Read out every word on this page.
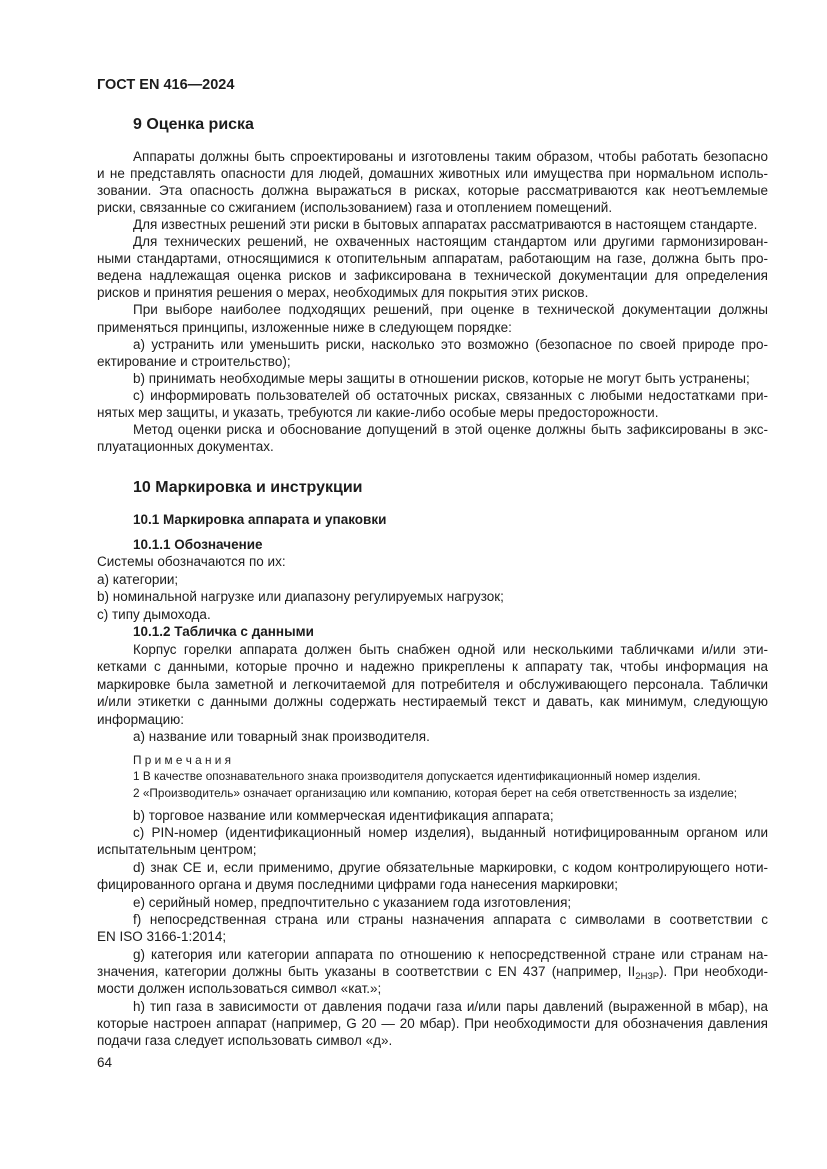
ГОСТ EN 416—2024
9 Оценка риска
Аппараты должны быть спроектированы и изготовлены таким образом, чтобы работать безопасно
и не представлять опасности для людей, домашних животных или имущества при нормальном исполь-
зовании. Эта опасность должна выражаться в рисках, которые рассматриваются как неотъемлемые
риски, связанные со сжиганием (использованием) газа и отоплением помещений.
Для известных решений эти риски в бытовых аппаратах рассматриваются в настоящем стандарте.
Для технических решений, не охваченных настоящим стандартом или другими гармонизирован-
ными стандартами, относящимися к отопительным аппаратам, работающим на газе, должна быть про-
ведена надлежащая оценка рисков и зафиксирована в технической документации для определения
рисков и принятия решения о мерах, необходимых для покрытия этих рисков.
При выборе наиболее подходящих решений, при оценке в технической документации должны
применяться принципы, изложенные ниже в следующем порядке:
a) устранить или уменьшить риски, насколько это возможно (безопасное по своей природе про-
ектирование и строительство);
b) принимать необходимые меры защиты в отношении рисков, которые не могут быть устранены;
c) информировать пользователей об остаточных рисках, связанных с любыми недостатками при-
нятых мер защиты, и указать, требуются ли какие-либо особые меры предосторожности.
Метод оценки риска и обоснование допущений в этой оценке должны быть зафиксированы в экс-
плуатационных документах.
10 Маркировка и инструкции
10.1 Маркировка аппарата и упаковки
10.1.1 Обозначение
Системы обозначаются по их:
a) категории;
b) номинальной нагрузке или диапазону регулируемых нагрузок;
c) типу дымохода.
10.1.2 Табличка с данными
Корпус горелки аппарата должен быть снабжен одной или несколькими табличками и/или эти-
кетками с данными, которые прочно и надежно прикреплены к аппарату так, чтобы информация на
маркировке была заметной и легкочитаемой для потребителя и обслуживающего персонала. Таблички
и/или этикетки с данными должны содержать нестираемый текст и давать, как минимум, следующую
информацию:
a) название или товарный знак производителя.
П р и м е ч а н и я
1 В качестве опознавательного знака производителя допускается идентификационный номер изделия.
2 «Производитель» означает организацию или компанию, которая берет на себя ответственность за изделие;
b) торговое название или коммерческая идентификация аппарата;
c) PIN-номер (идентификационный номер изделия), выданный нотифицированным органом или
испытательным центром;
d) знак CE и, если применимо, другие обязательные маркировки, с кодом контролирующего ноти-
фицированного органа и двумя последними цифрами года нанесения маркировки;
e) серийный номер, предпочтительно с указанием года изготовления;
f) непосредственная страна или страны назначения аппарата с символами в соответствии с
EN ISO 3166-1:2014;
g) категория или категории аппарата по отношению к непосредственной стране или странам на-
значения, категории должны быть указаны в соответствии с EN 437 (например, $II_{2H3P}$). При необходи-
мости должен использоваться символ «кат.»;
h) тип газа в зависимости от давления подачи газа и/или пары давлений (выраженной в мбар), на
которые настроен аппарат (например, G 20 — 20 мбар). При необходимости для обозначения давления
подачи газа следует использовать символ «д».
64
